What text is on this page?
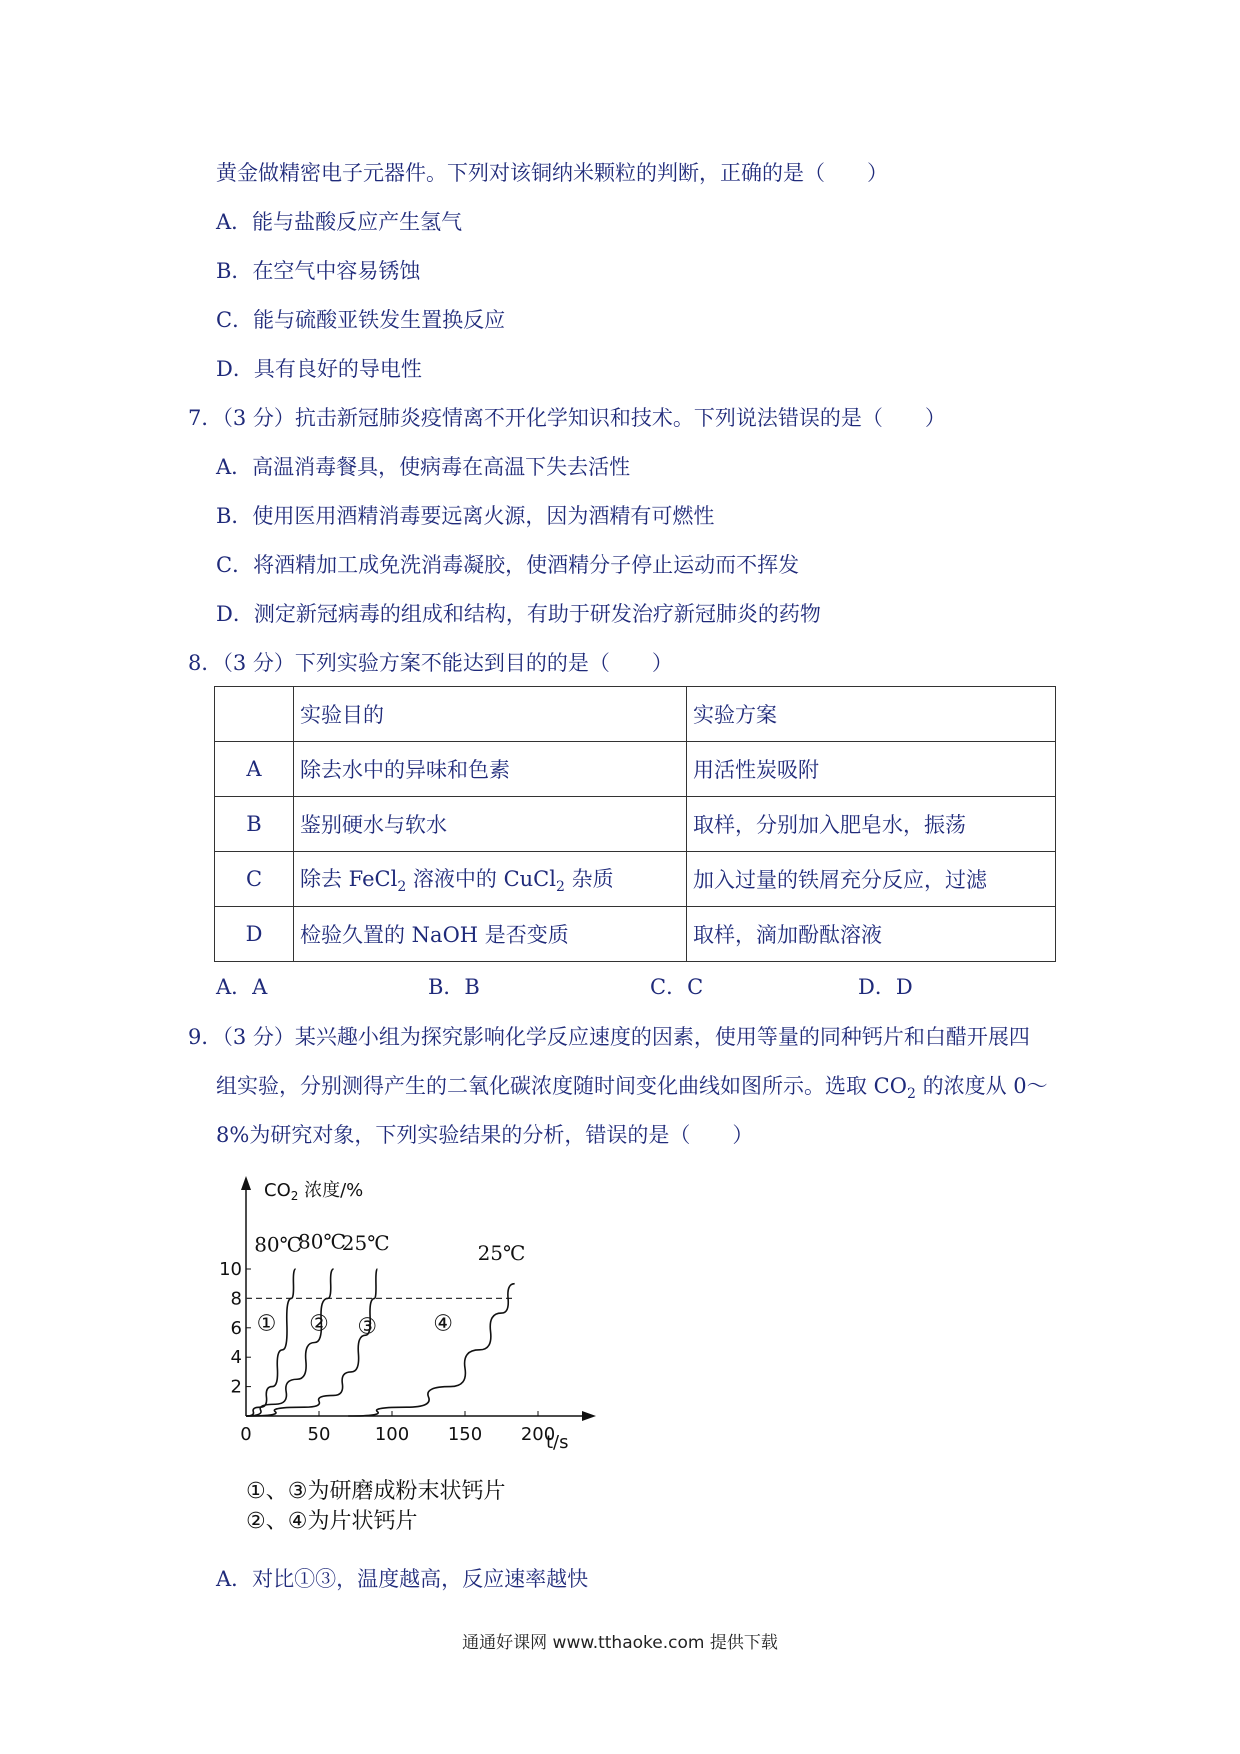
黄金做精密电子元器件。下列对该铜纳米颗粒的判断，正确的是（　　）
A．能与盐酸反应产生氢气
B．在空气中容易锈蚀
C．能与硫酸亚铁发生置换反应
D．具有良好的导电性
7．（3 分）抗击新冠肺炎疫情离不开化学知识和技术。下列说法错误的是（　　）
A．高温消毒餐具，使病毒在高温下失去活性
B．使用医用酒精消毒要远离火源，因为酒精有可燃性
C．将酒精加工成免洗消毒凝胶，使酒精分子停止运动而不挥发
D．测定新冠病毒的组成和结构，有助于研发治疗新冠肺炎的药物
8．（3 分）下列实验方案不能达到目的的是（　　）
	实验目的	实验方案
A	除去水中的异味和色素	用活性炭吸附
B	鉴别硬水与软水	取样，分别加入肥皂水，振荡
C	除去 FeCl$_2$ 溶液中的 CuCl$_2$ 杂质	加入过量的铁屑充分反应，过滤
D	检验久置的 NaOH 是否变质	取样，滴加酚酞溶液
A．A	B．B	C．C	D．D
9．（3 分）某兴趣小组为探究影响化学反应速度的因素，使用等量的同种钙片和白醋开展四
组实验，分别测得产生的二氧化碳浓度随时间变化曲线如图所示。选取 $CO_2$ 的浓度从 0～
8%为研究对象，下列实验结果的分析，错误的是（　　）
$CO_2$ 浓度/%
t/s
0	50 100 150 200
2
4
6
8
10
80℃
①
80℃
②
25℃
③
25℃
④
①、③为研磨成粉末状钙片
②、④为片状钙片
A．对比①③，温度越高，反应速率越快
通通好课网 www.tthaoke.com 提供下载
